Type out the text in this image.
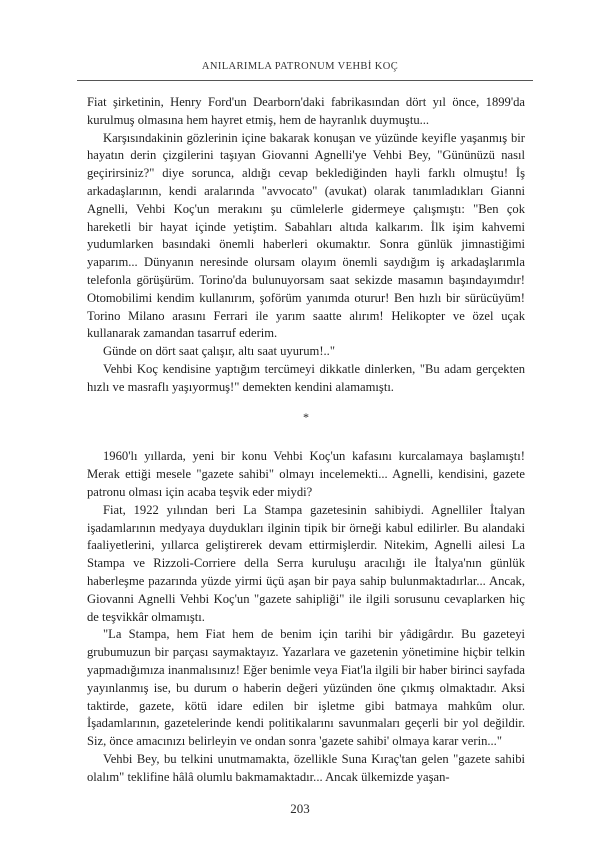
ANILARIMLA PATRONUM VEHBİ KOÇ

Fiat şirketinin, Henry Ford'un Dearborn'daki fabrikasından dört yıl önce, 1899'da kurulmuş olmasına hem hayret etmiş, hem de hayranlık duymuştu...

Karşısındakinin gözlerinin içine bakarak konuşan ve yüzünde keyifle yaşanmış bir hayatın derin çizgilerini taşıyan Giovanni Agnelli'ye Vehbi Bey, "Gününüzü nasıl geçirirsiniz?" diye sorunca, aldığı cevap beklediğinden hayli farklı olmuştu! İş arkadaşlarının, kendi aralarında "avvocato" (avukat) olarak tanımladıkları Gianni Agnelli, Vehbi Koç'un merakını şu cümlelerle gidermeye çalışmıştı: "Ben çok hareketli bir hayat içinde yetiştim. Sabahları altıda kalkarım. İlk işim kahvemi yudumlarken basındaki önemli haberleri okumaktır. Sonra günlük jimnastiğimi yaparım... Dünyanın neresinde olursam olayım önemli saydığım iş arkadaşlarımla telefonla görüşürüm. Torino'da bulunuyorsam saat sekizde masamın başındayımdır! Otomobilimi kendim kullanırım, şoförüm yanımda oturur! Ben hızlı bir sürücüyüm! Torino Milano arasını Ferrari ile yarım saatte alırım! Helikopter ve özel uçak kullanarak zamandan tasarruf ederim.

Günde on dört saat çalışır, altı saat uyurum!.."

Vehbi Koç kendisine yaptığım tercümeyi dikkatle dinlerken, "Bu adam gerçekten hızlı ve masraflı yaşıyormuş!" demekten kendini alamamıştı.

*

1960'lı yıllarda, yeni bir konu Vehbi Koç'un kafasını kurcalamaya başlamıştı! Merak ettiği mesele "gazete sahibi" olmayı incelemekti... Agnelli, kendisini, gazete patronu olması için acaba teşvik eder miydi?

Fiat, 1922 yılından beri La Stampa gazetesinin sahibiydi. Agnelliler İtalyan işadamlarının medyaya duydukları ilginin tipik bir örneği kabul edilirler. Bu alandaki faaliyetlerini, yıllarca geliştirerek devam ettirmişlerdir. Nitekim, Agnelli ailesi La Stampa ve Rizzoli-Corriere della Serra kuruluşu aracılığı ile İtalya'nın günlük haberleşme pazarında yüzde yirmi üçü aşan bir paya sahip bulunmaktadırlar... Ancak, Giovanni Agnelli Vehbi Koç'un "gazete sahipliği" ile ilgili sorusunu cevaplarken hiç de teşvikkâr olmamıştı.

"La Stampa, hem Fiat hem de benim için tarihi bir yâdigârdır. Bu gazeteyi grubumuzun bir parçası saymaktayız. Yazarlara ve gazetenin yönetimine hiçbir telkin yapmadığımıza inanmalısınız! Eğer benimle veya Fiat'la ilgili bir haber birinci sayfada yayınlanmış ise, bu durum o haberin değeri yüzünden öne çıkmış olmaktadır. Aksi taktirde, gazete, kötü idare edilen bir işletme gibi batmaya mahkûm olur. İşadamlarının, gazetelerinde kendi politikalarını savunmaları geçerli bir yol değildir. Siz, önce amacınızı belirleyin ve ondan sonra 'gazete sahibi' olmaya karar verin..."

Vehbi Bey, bu telkini unutmamakta, özellikle Suna Kıraç'tan gelen "gazete sahibi olalım" teklifine hâlâ olumlu bakmamaktadır... Ancak ülkemizde yaşan-

203
